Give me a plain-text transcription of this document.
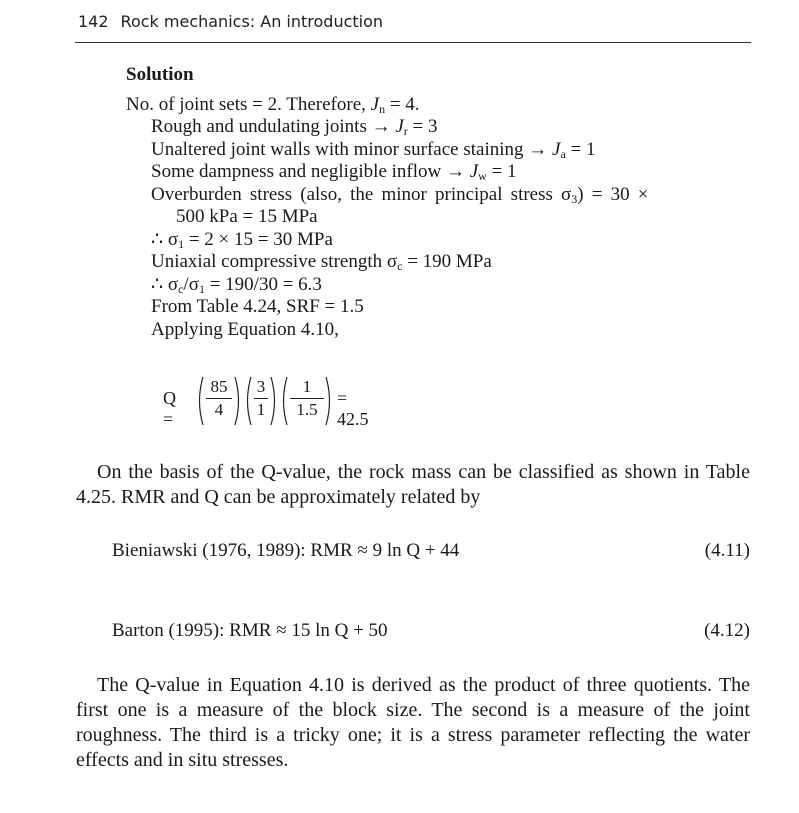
142 Rock mechanics: An introduction
Solution
No. of joint sets = 2. Therefore, $J_n = 4$.
Rough and undulating joints → $J_r = 3$
Unaltered joint walls with minor surface staining → $J_a = 1$
Some dampness and negligible inflow → $J_w = 1$
Overburden stress (also, the minor principal stress $\sigma_3) = 30$ ×
500 kPa = 15 MPa
∴ $\sigma_1 = 2 \times 15 = 30$ MPa
Uniaxial compressive strength $\sigma_c = 190$ MPa
∴ $\sigma_c/\sigma_1 = 190/30 = 6.3$
From Table 4.24, SRF = 1.5
Applying Equation 4.10,
Q =
85
4
3
1
1
1.5
= 42.5
On the basis of the Q-value, the rock mass can be classified as shown in Table 4.25. RMR and Q can be approximately related by
Bieniawski (1976, 1989): RMR ≈ 9 ln Q + 44	(4.11)
Barton (1995): RMR ≈ 15 ln Q + 50	(4.12)
The Q-value in Equation 4.10 is derived as the product of three quotients. The first one is a measure of the block size. The second is a measure of the joint roughness. The third is a tricky one; it is a stress parameter reflecting the water effects and in situ stresses.
